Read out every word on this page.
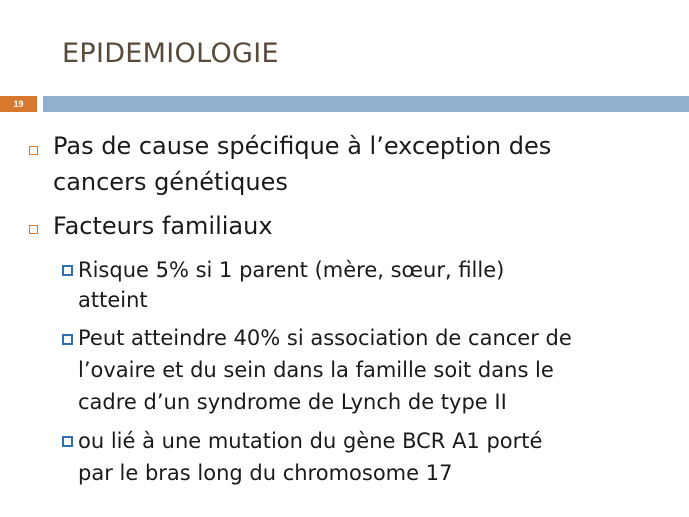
EPIDEMIOLOGIE
19
Pas de cause spécifique à l’exception des
cancers génétiques
Facteurs familiaux
Risque 5% si 1 parent (mère, sœur, fille)
atteint
Peut atteindre 40% si association de cancer de
l’ovaire et du sein dans la famille soit dans le
cadre d’un syndrome de Lynch de type II
ou lié à une mutation du gène BCR A1 porté
par le bras long du chromosome 17
